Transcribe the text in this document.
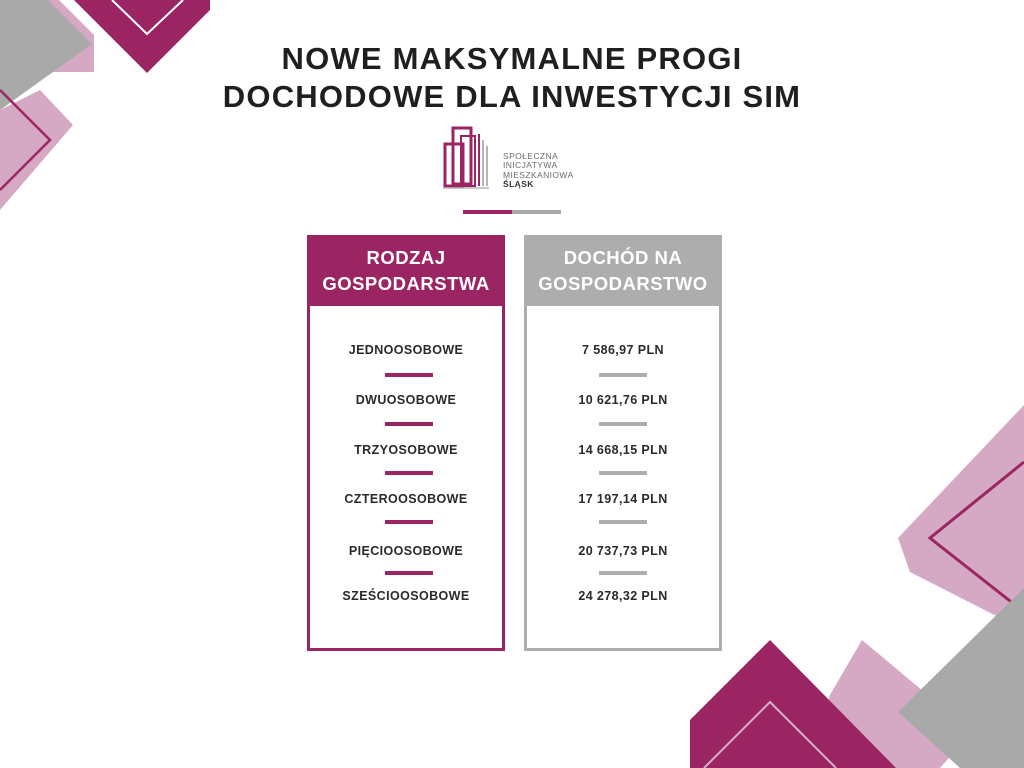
NOWE MAKSYMALNE PROGI
DOCHODOWE DLA INWESTYCJI SIM
SPOŁECZNA
INICJATYWA
MIESZKANIOWA
ŚLĄSK
RODZAJ
GOSPODARSTWA
JEDNOOSOBOWE
DWUOSOBOWE
TRZYOSOBOWE
CZTEROOSOBOWE
PIĘCIOOSOBOWE
SZEŚCIOOSOBOWE
DOCHÓD NA
GOSPODARSTWO
7 586,97 PLN
10 621,76 PLN
14 668,15 PLN
17 197,14 PLN
20 737,73 PLN
24 278,32 PLN
